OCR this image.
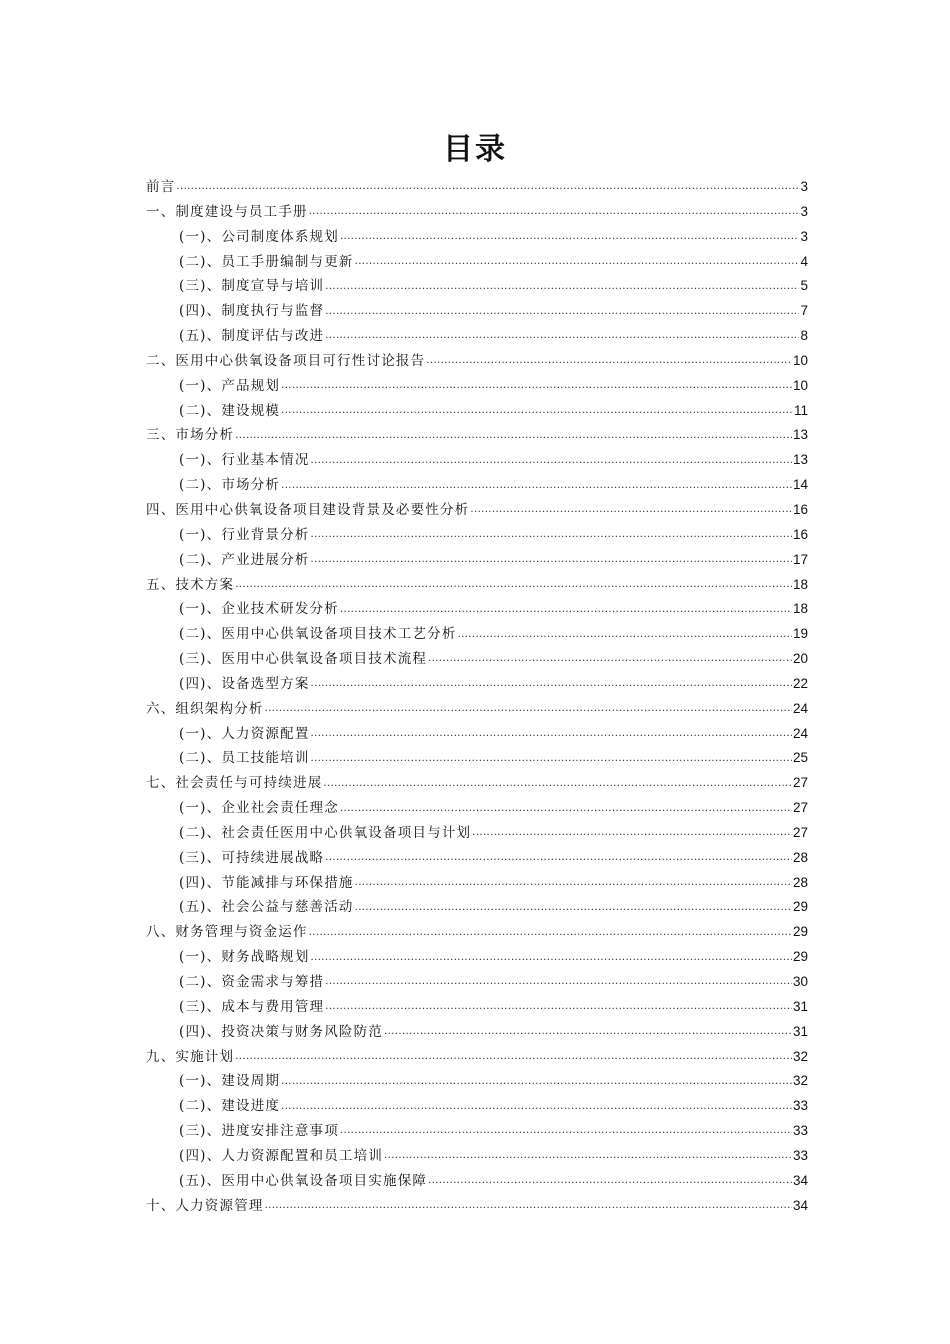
目录
前言 .....	3
一、制度建设与员工手册 .....	3
(一)、公司制度体系规划 .....	3
(二)、员工手册编制与更新 .....	4
(三)、制度宣导与培训 .....	5
(四)、制度执行与监督 .....	7
(五)、制度评估与改进 .....	8
二、医用中心供氧设备项目可行性讨论报告 .....	10
(一)、产品规划 .....	10
(二)、建设规模 .....	11
三、市场分析 .....	13
(一)、行业基本情况 .....	13
(二)、市场分析 .....	14
四、医用中心供氧设备项目建设背景及必要性分析 .....	16
(一)、行业背景分析 .....	16
(二)、产业进展分析 .....	17
五、技术方案 .....	18
(一)、企业技术研发分析 .....	18
(二)、医用中心供氧设备项目技术工艺分析 .....	19
(三)、医用中心供氧设备项目技术流程 .....	20
(四)、设备选型方案 .....	22
六、组织架构分析 .....	24
(一)、人力资源配置 .....	24
(二)、员工技能培训 .....	25
七、社会责任与可持续进展 .....	27
(一)、企业社会责任理念 .....	27
(二)、社会责任医用中心供氧设备项目与计划 .....	27
(三)、可持续进展战略 .....	28
(四)、节能减排与环保措施 .....	28
(五)、社会公益与慈善活动 .....	29
八、财务管理与资金运作 .....	29
(一)、财务战略规划 .....	29
(二)、资金需求与筹措 .....	30
(三)、成本与费用管理 .....	31
(四)、投资决策与财务风险防范 .....	31
九、实施计划 .....	32
(一)、建设周期 .....	32
(二)、建设进度 .....	33
(三)、进度安排注意事项 .....	33
(四)、人力资源配置和员工培训 .....	33
(五)、医用中心供氧设备项目实施保障 .....	34
十、人力资源管理 .....	34
